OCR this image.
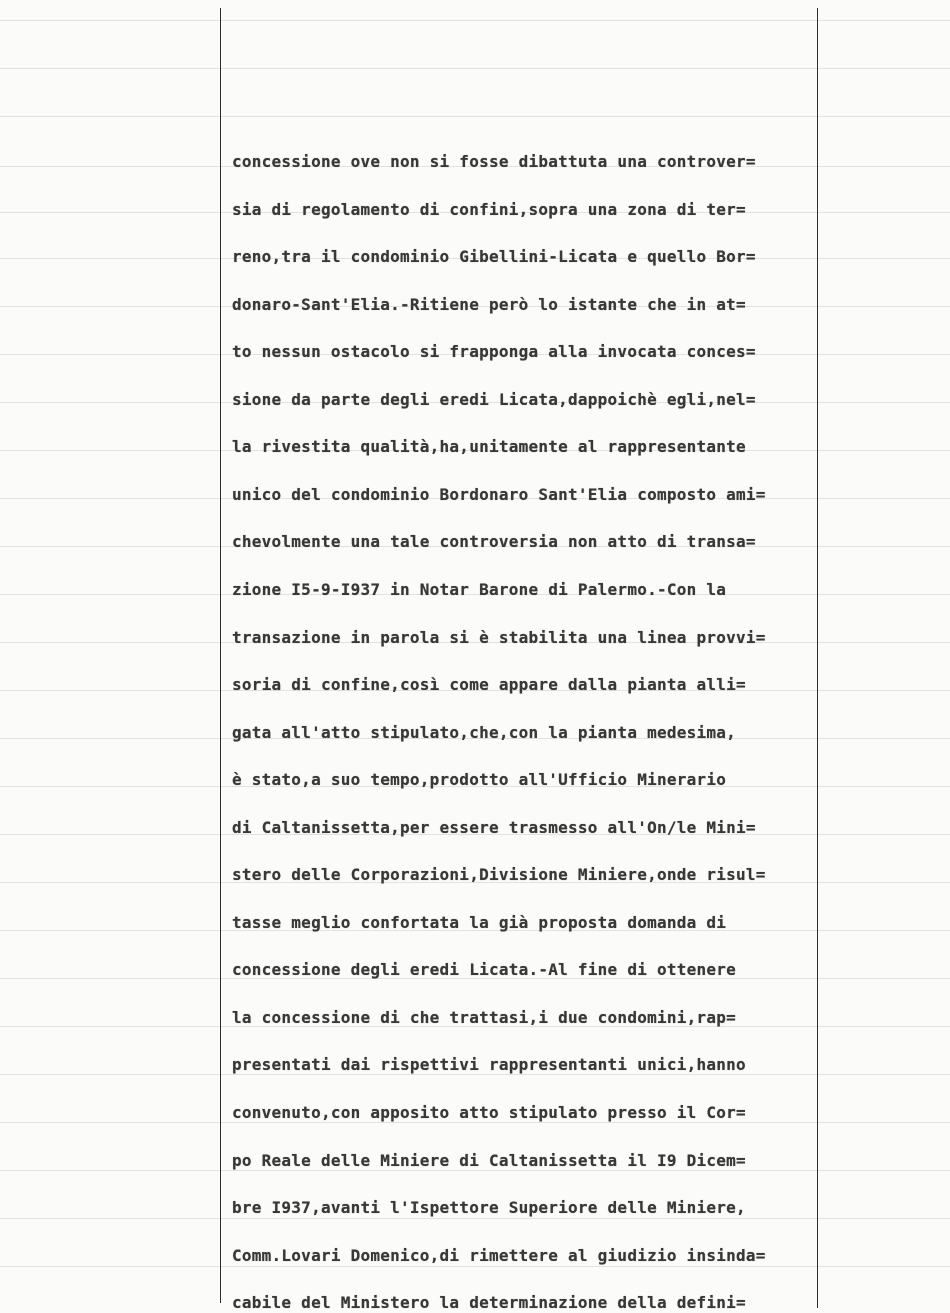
concessione ove non si fosse dibattuta una controver=
sia di regolamento di confini,sopra una zona di ter=
reno,tra il condominio Gibellini-Licata e quello Bor=
donaro-Sant'Elia.-Ritiene però lo istante che in at=
to nessun ostacolo si frapponga alla invocata conces=
sione da parte degli eredi Licata,dappoichè egli,nel=
la rivestita qualità,ha,unitamente al rappresentante
unico del condominio Bordonaro Sant'Elia composto ami=
chevolmente una tale controversia non atto di transa=
zione I5-9-I937 in Notar Barone di Palermo.-Con la
transazione in parola si è stabilita una linea provvi=
soria di confine,così come appare dalla pianta alli=
gata all'atto stipulato,che,con la pianta medesima,
è stato,a suo tempo,prodotto all'Ufficio Minerario
di Caltanissetta,per essere trasmesso all'On/le Mini=
stero delle Corporazioni,Divisione Miniere,onde risul=
tasse meglio confortata la già proposta domanda di
concessione degli eredi Licata.-Al fine di ottenere
la concessione di che trattasi,i due condomini,rap=
presentati dai rispettivi rappresentanti unici,hanno
convenuto,con apposito atto stipulato presso il Cor=
po Reale delle Miniere di Caltanissetta il I9 Dicem=
bre I937,avanti l'Ispettore Superiore delle Miniere,
Comm.Lovari Domenico,di rimettere al giudizio insinda=
cabile del Ministero la determinazione della defini=
